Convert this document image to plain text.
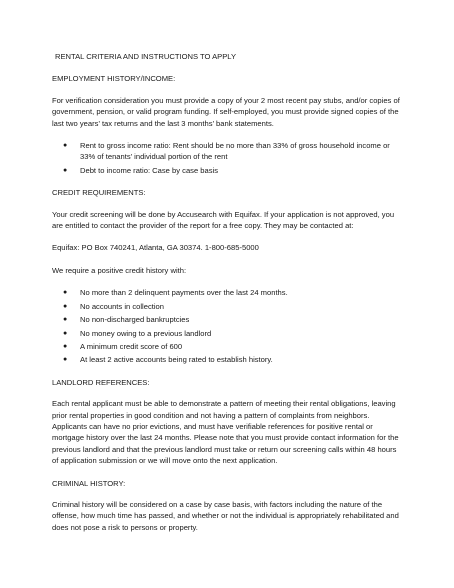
RENTAL CRITERIA AND INSTRUCTIONS TO APPLY

EMPLOYMENT HISTORY/INCOME:

For verification consideration you must provide a copy of your 2 most recent pay stubs, and/or copies of government, pension, or valid program funding. If self-employed, you must provide signed copies of the last two years’ tax returns and the last 3 months’ bank statements.

● Rent to gross income ratio: Rent should be no more than 33% of gross household income or 33% of tenants’ individual portion of the rent
● Debt to income ratio: Case by case basis

CREDIT REQUIREMENTS:

Your credit screening will be done by Accusearch with Equifax. If your application is not approved, you are entitled to contact the provider of the report for a free copy. They may be contacted at:

Equifax: PO Box 740241, Atlanta, GA 30374. 1-800-685-5000

We require a positive credit history with:

● No more than 2 delinquent payments over the last 24 months.
● No accounts in collection
● No non-discharged bankruptcies
● No money owing to a previous landlord
● A minimum credit score of 600
● At least 2 active accounts being rated to establish history.

LANDLORD REFERENCES:

Each rental applicant must be able to demonstrate a pattern of meeting their rental obligations, leaving prior rental properties in good condition and not having a pattern of complaints from neighbors. Applicants can have no prior evictions, and must have verifiable references for positive rental or mortgage history over the last 24 months. Please note that you must provide contact information for the previous landlord and that the previous landlord must take or return our screening calls within 48 hours of application submission or we will move onto the next application.

CRIMINAL HISTORY:

Criminal history will be considered on a case by case basis, with factors including the nature of the offense, how much time has passed, and whether or not the individual is appropriately rehabilitated and does not pose a risk to persons or property.
